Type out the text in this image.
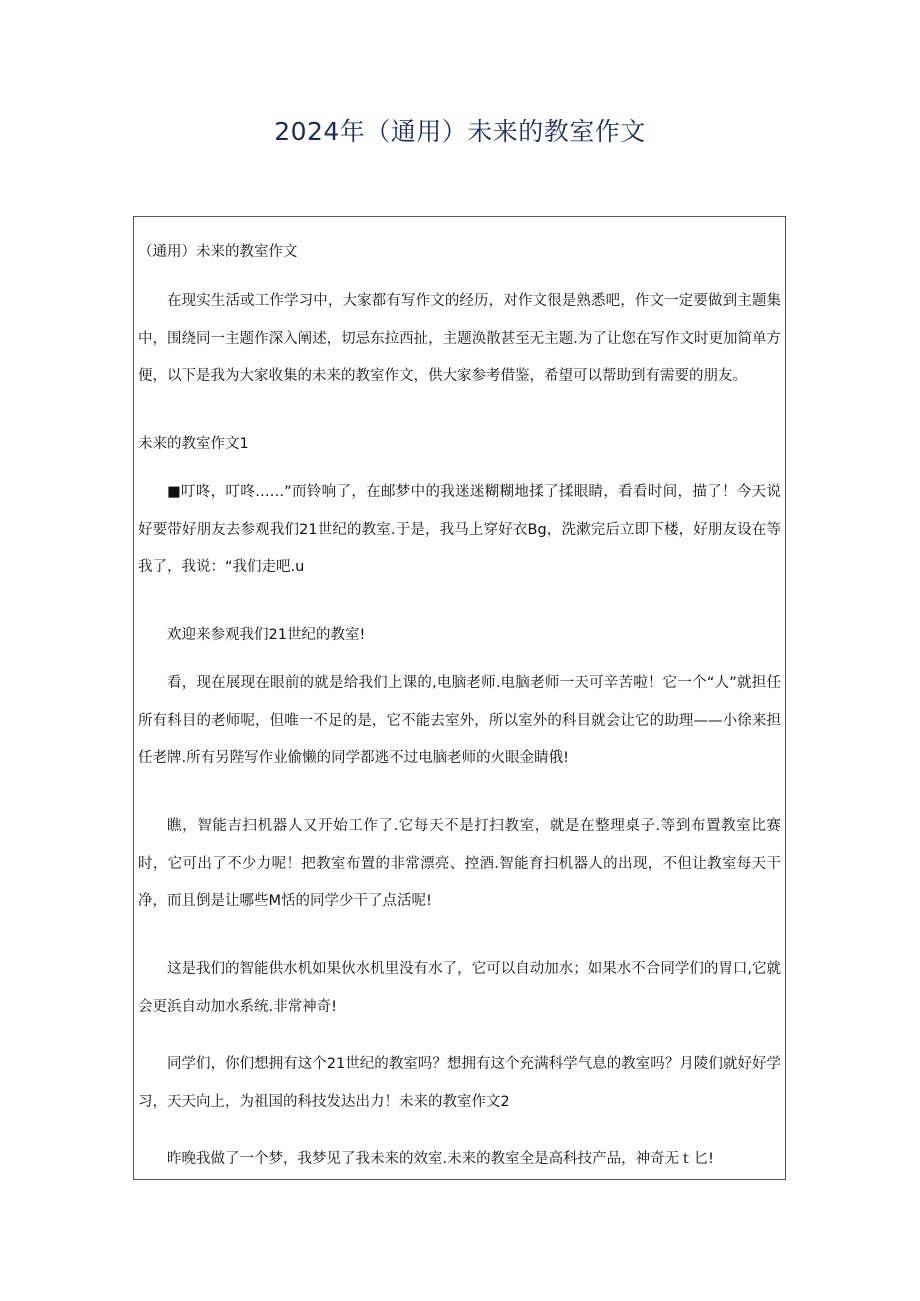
2024年（通用）未来的教室作文

（通用）未来的教室作文

在现实生活或工作学习中，大家都有写作文的经历，对作文很是熟悉吧，作文一定要做到主题集中，围绕同一主题作深入阐述，切忌东拉西扯，主题涣散甚至无主题.为了让您在写作文时更加简单方便，以下是我为大家收集的未来的教室作文，供大家参考借鉴，希望可以帮助到有需要的朋友。

未来的教室作文1

■叮咚，叮咚……”而铃响了，在邮梦中的我迷迷糊糊地揉了揉眼睛，看看时间，描了！今天说好要带好朋友去参观我们21世纪的教室.于是，我马上穿好衣Bg，洗漱完后立即下楼，好朋友设在等我了，我说：“我们走吧.u

欢迎来参观我们21世纪的教室!

看，现在展现在眼前的就是给我们上课的,电脑老师.电脑老师一天可辛苦啦！它一个“人”就担任所有科目的老师呢，但唯一不足的是，它不能去室外，所以室外的科目就会让它的助理——小徐来担任老牌.所有另陛写作业偷懒的同学都逃不过电脑老师的火眼金睛俄!

瞧，智能吉扫机器人又开始工作了.它每天不是打扫教室，就是在整理桌子.等到布置教室比赛时，它可出了不少力呢！把教室布置的非常漂亮、控酒.智能育扫机器人的出现，不但让教室每天干净，而且倒是让哪些M恬的同学少干了点活呢!

这是我们的智能供水机如果伙水机里没有水了，它可以自动加水；如果水不合同学们的胃口,它就会更浜自动加水系统.非常神奇!

同学们，你们想拥有这个21世纪的教室吗？想拥有这个充满科学气息的教室吗？月陵们就好好学习，天天向上，为祖国的科技发达出力！未来的教室作文2

昨晚我做了一个梦，我梦见了我未来的效室.未来的教室全是高科技产品，神奇无ｔ匕!
